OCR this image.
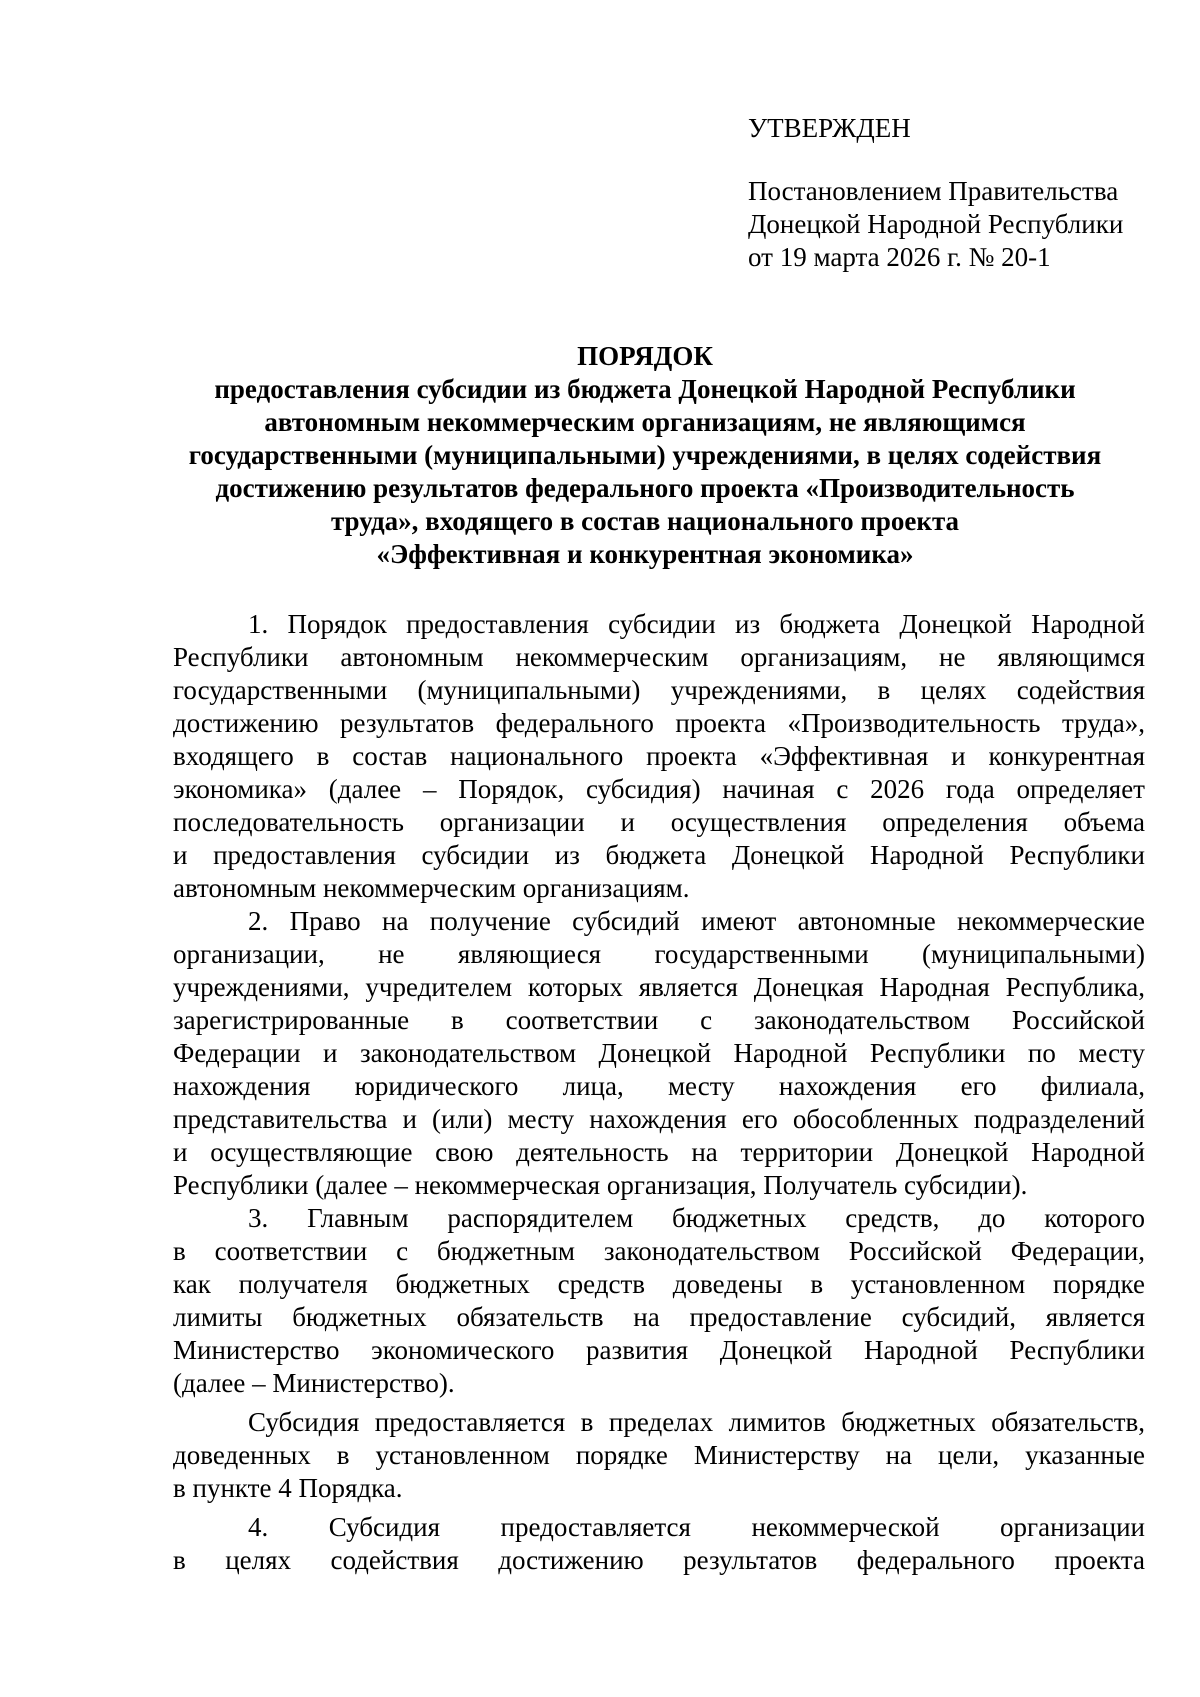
УТВЕРЖДЕН
Постановлением Правительства
Донецкой Народной Республики
от 19 марта 2026 г. № 20-1
ПОРЯДОК
предоставления субсидии из бюджета Донецкой Народной Республики
автономным некоммерческим организациям, не являющимся
государственными (муниципальными) учреждениями, в целях содействия
достижению результатов федерального проекта «Производительность
труда», входящего в состав национального проекта
«Эффективная и конкурентная экономика»
1. Порядок предоставления субсидии из бюджета Донецкой Народной
Республики автономным некоммерческим организациям, не являющимся
государственными (муниципальными) учреждениями, в целях содействия
достижению результатов федерального проекта «Производительность труда»,
входящего в состав национального проекта «Эффективная и конкурентная
экономика» (далее – Порядок, субсидия) начиная с 2026 года определяет
последовательность организации и осуществления определения объема
и предоставления субсидии из бюджета Донецкой Народной Республики
автономным некоммерческим организациям.
2. Право на получение субсидий имеют автономные некоммерческие
организации, не являющиеся государственными (муниципальными)
учреждениями, учредителем которых является Донецкая Народная Республика,
зарегистрированные в соответствии с законодательством Российской
Федерации и законодательством Донецкой Народной Республики по месту
нахождения юридического лица, месту нахождения его филиала,
представительства и (или) месту нахождения его обособленных подразделений
и осуществляющие свою деятельность на территории Донецкой Народной
Республики (далее – некоммерческая организация, Получатель субсидии).
3. Главным распорядителем бюджетных средств, до которого
в соответствии с бюджетным законодательством Российской Федерации,
как получателя бюджетных средств доведены в установленном порядке
лимиты бюджетных обязательств на предоставление субсидий, является
Министерство экономического развития Донецкой Народной Республики
(далее – Министерство).
Субсидия предоставляется в пределах лимитов бюджетных обязательств,
доведенных в установленном порядке Министерству на цели, указанные
в пункте 4 Порядка.
4. Субсидия предоставляется некоммерческой организации
в целях содействия достижению результатов федерального проекта
